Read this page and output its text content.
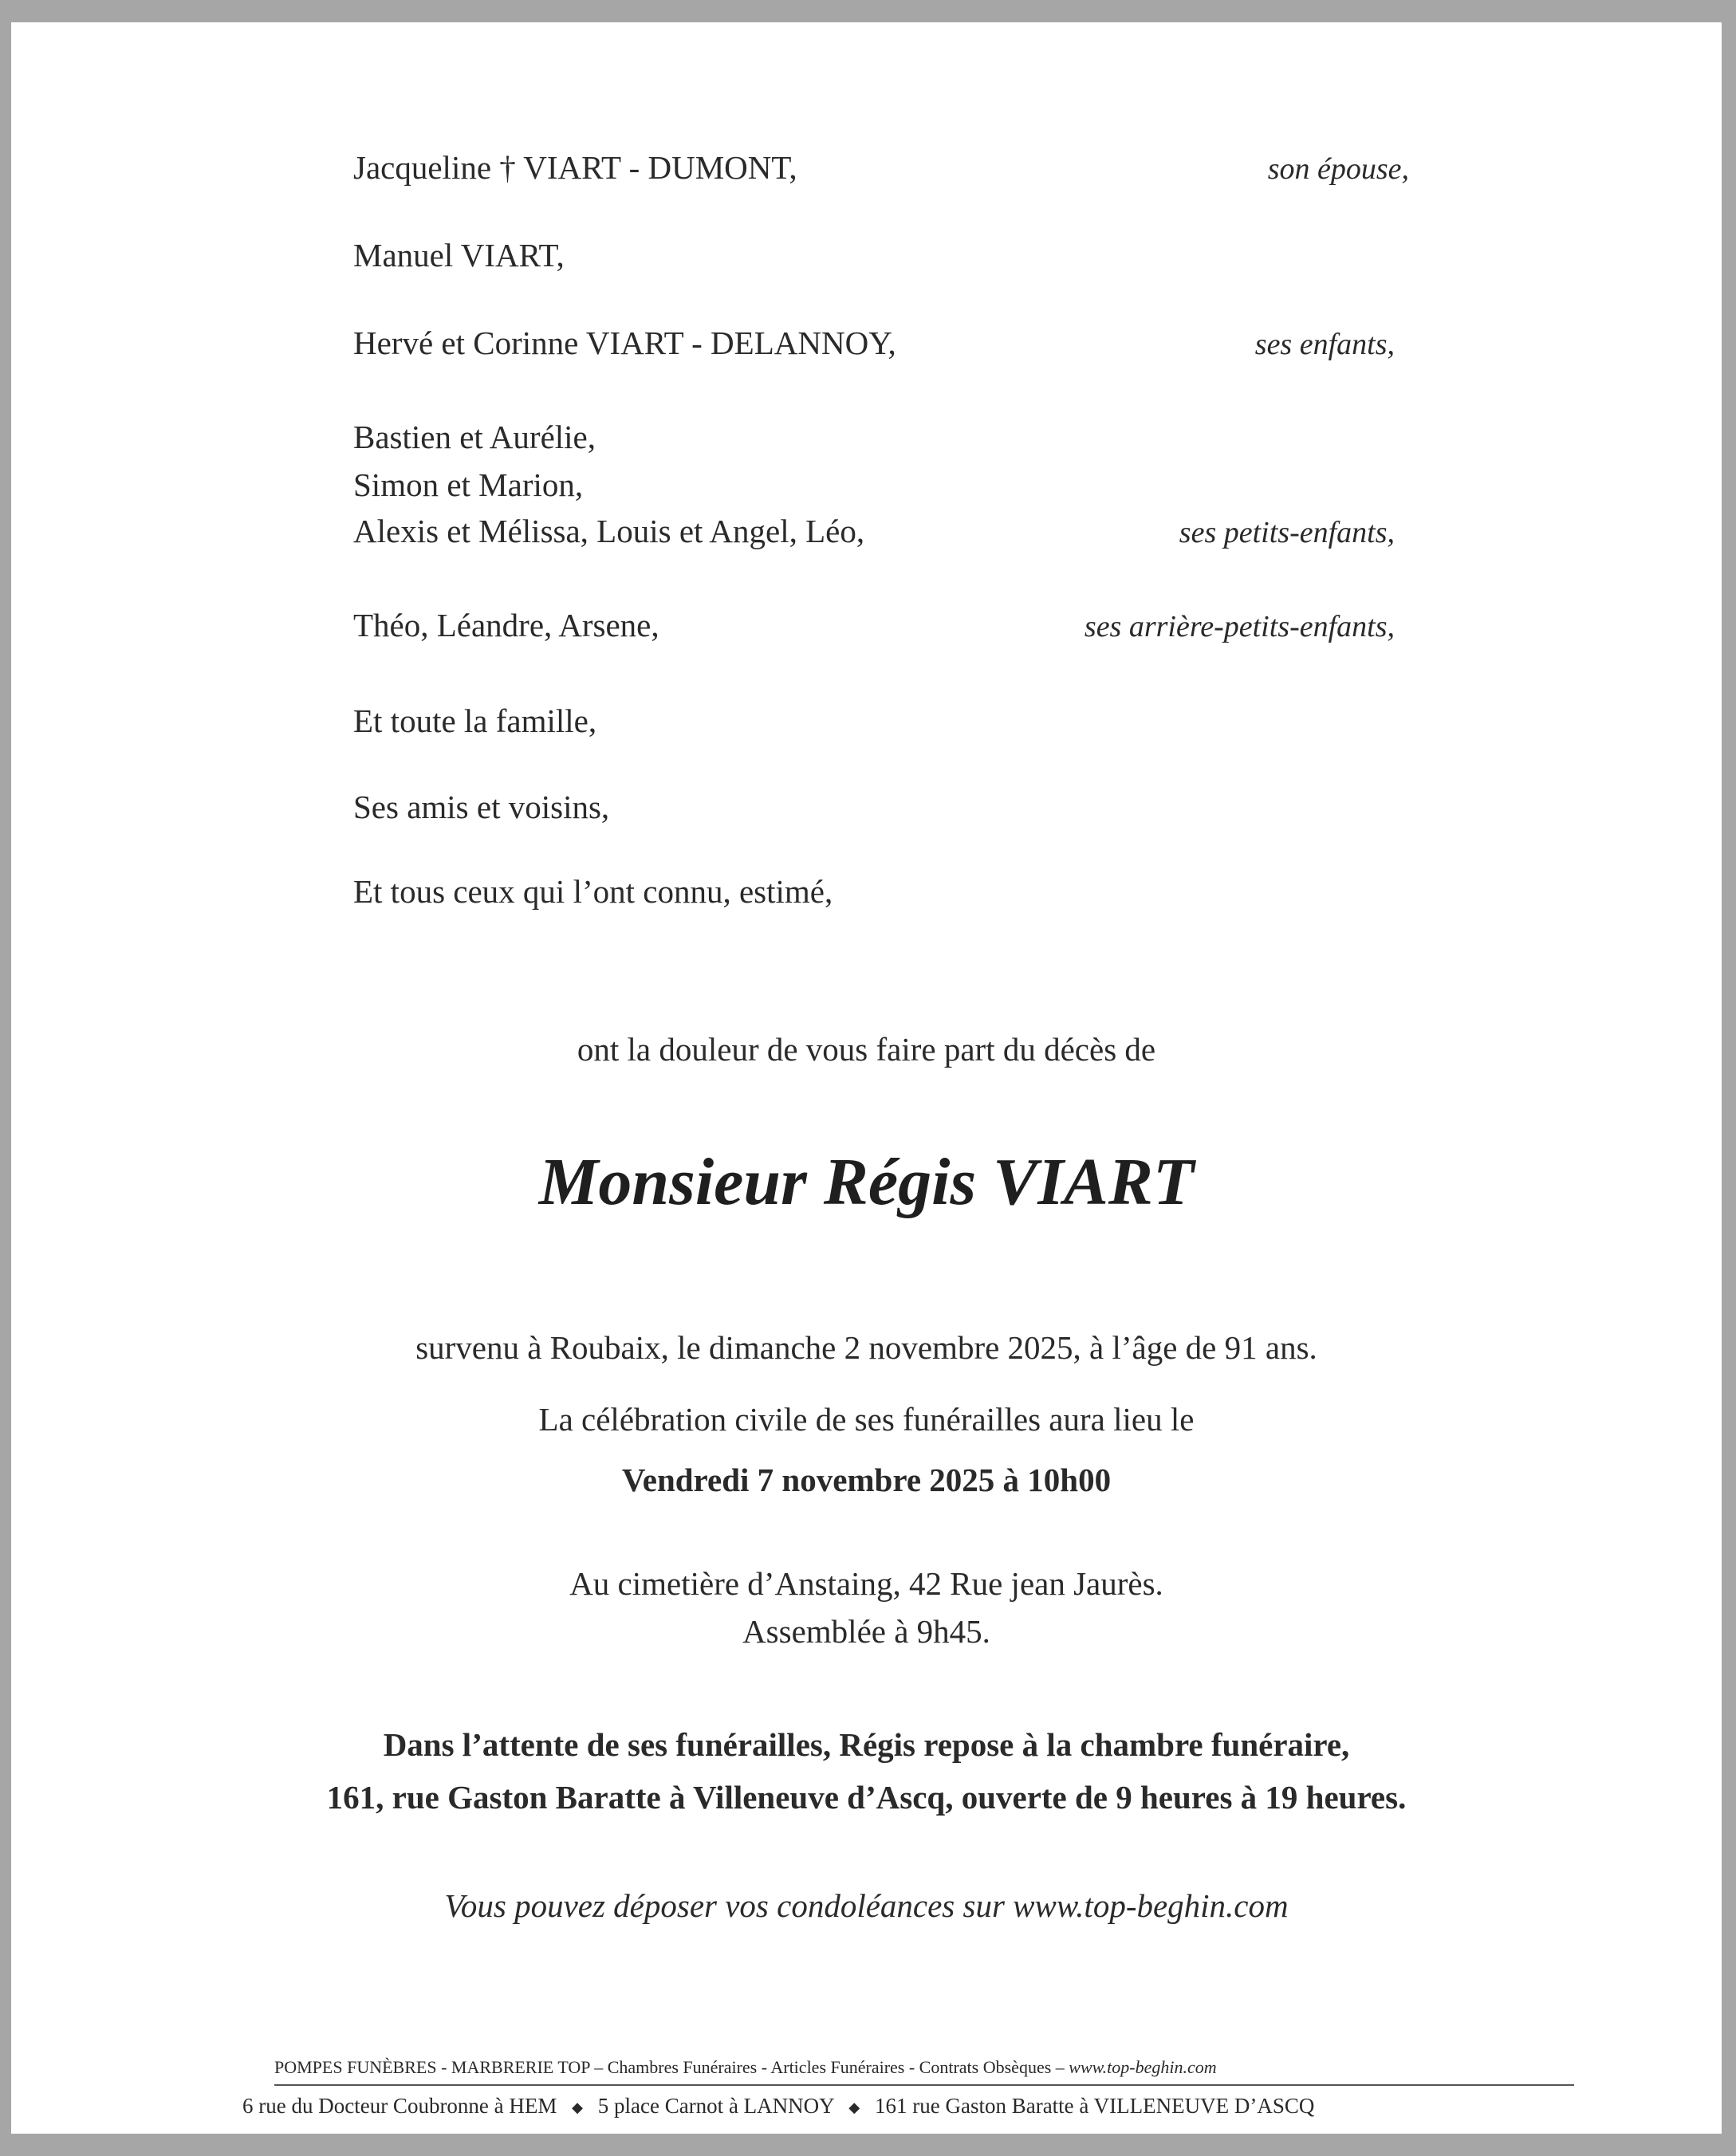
Jacqueline † VIART - DUMONT,	son épouse,
Manuel VIART,
Hervé et Corinne VIART - DELANNOY,	ses enfants,
Bastien et Aurélie,
Simon et Marion,
Alexis et Mélissa, Louis et Angel, Léo,	ses petits-enfants,
Théo, Léandre, Arsene,	ses arrière-petits-enfants,
Et toute la famille,
Ses amis et voisins,
Et tous ceux qui l’ont connu, estimé,
ont la douleur de vous faire part du décès de
Monsieur Régis VIART
survenu à Roubaix, le dimanche 2 novembre 2025, à l’âge de 91 ans.
La célébration civile de ses funérailles aura lieu le
Vendredi 7 novembre 2025 à 10h00
Au cimetière d’Anstaing, 42 Rue jean Jaurès.
Assemblée à 9h45.
Dans l’attente de ses funérailles, Régis repose à la chambre funéraire,
161, rue Gaston Baratte à Villeneuve d’Ascq, ouverte de 9 heures à 19 heures.
Vous pouvez déposer vos condoléances sur www.top-beghin.com
POMPES FUNÈBRES - MARBRERIE TOP – Chambres Funéraires - Articles Funéraires - Contrats Obsèques – www.top-beghin.com
6 rue du Docteur Coubronne à HEM ◆ 5 place Carnot à LANNOY ◆ 161 rue Gaston Baratte à VILLENEUVE D’ASCQ
